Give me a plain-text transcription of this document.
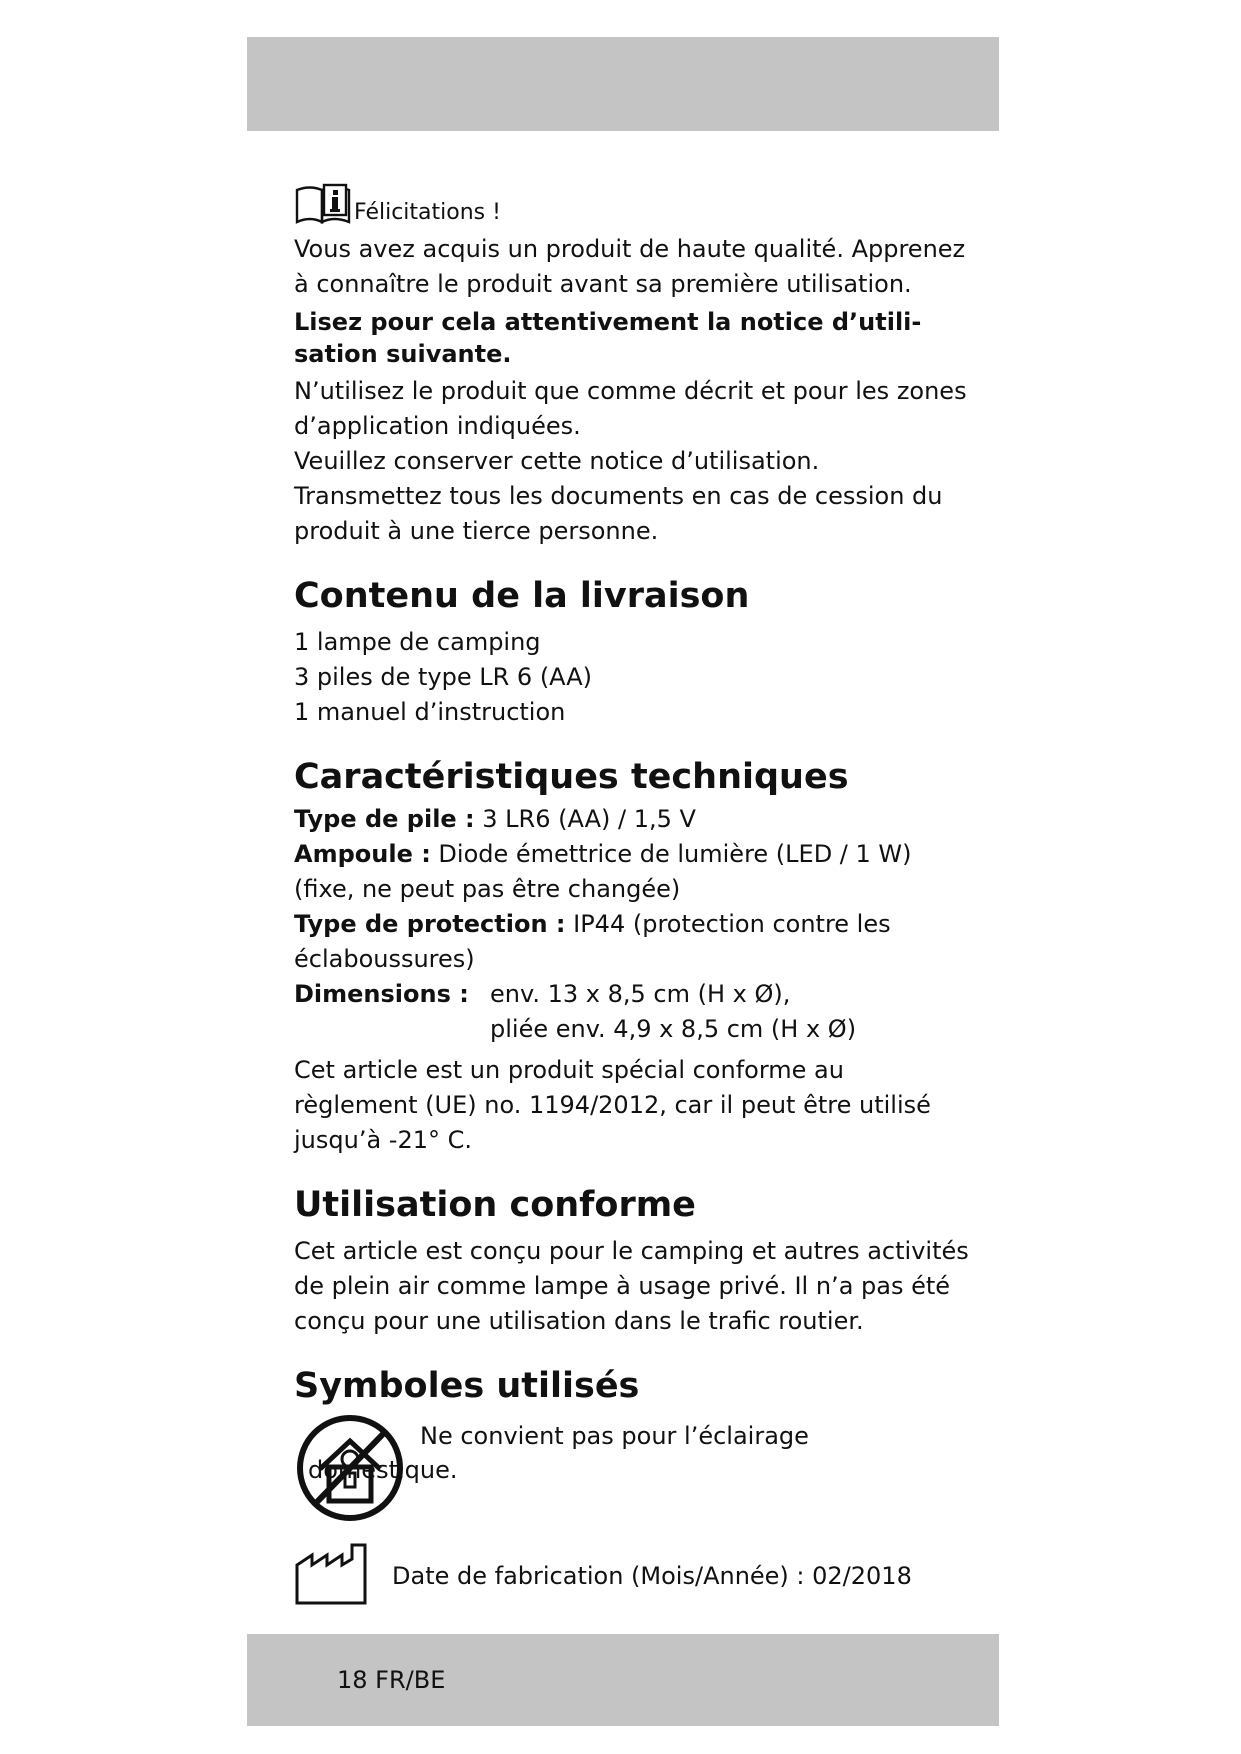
Félicitations !

Vous avez acquis un produit de haute qualité. Apprenez à connaître le produit avant sa première utilisation.

Lisez pour cela attentivement la notice d’utili-
sation suivante.

N’utilisez le produit que comme décrit et pour les zones d’application indiquées.

Veuillez conserver cette notice d’utilisation. Transmettez tous les documents en cas de cession du produit à une tierce personne.

Contenu de la livraison
1 lampe de camping
3 piles de type LR 6 (AA)
1 manuel d’instruction
Caractéristiques techniques

Type de pile : 3 LR6 (AA) / 1,5 V

Ampoule : Diode émettrice de lumière (LED / 1 W) (fixe, ne peut pas être changée)

Type de protection : IP44 (protection contre les éclaboussures)

Dimensions : env. 13 x 8,5 cm (H x Ø),
pliée env. 4,9 x 8,5 cm (H x Ø)

Cet article est un produit spécial conforme au règlement (UE) no. 1194/2012, car il peut être utilisé jusqu’à -21° C.

Utilisation conforme

Cet article est conçu pour le camping et autres activités de plein air comme lampe à usage privé. Il n’a pas été conçu pour une utilisation dans le trafic routier.

Symboles utilisés
Ne convient pas pour l’éclairage
domestique.
Date de fabrication (Mois/Année) : 02/2018
18 FR/BE
